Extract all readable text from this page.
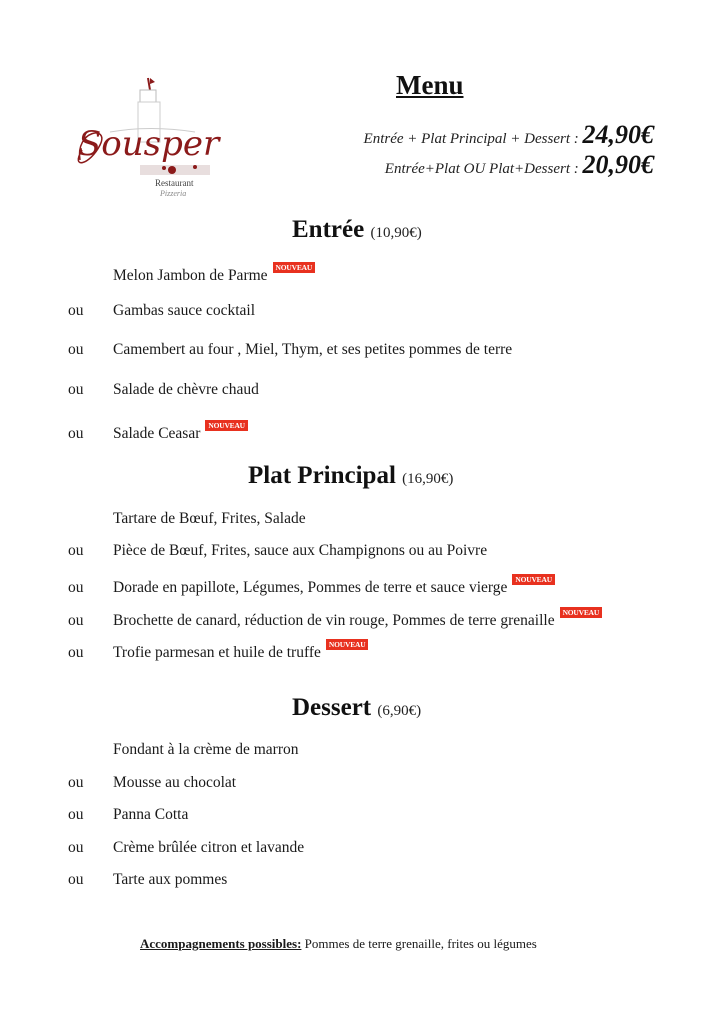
Sousper
Restaurant
Pizzeria
Menu
Entrée + Plat Principal + Dessert : 24,90€
Entrée+Plat OU Plat+Dessert : 20,90€
Entrée (10,90€)
Melon Jambon de Parme NOUVEAU
ou Gambas sauce cocktail
ou Camembert au four , Miel, Thym, et ses petites pommes de terre
ou Salade de chèvre chaud
ou Salade Ceasar NOUVEAU
Plat Principal (16,90€)
Tartare de Bœuf, Frites, Salade
ou Pièce de Bœuf, Frites, sauce aux Champignons ou au Poivre
ou Dorade en papillote, Légumes, Pommes de terre et sauce vierge NOUVEAU
ou Brochette de canard, réduction de vin rouge, Pommes de terre grenaille NOUVEAU
ou Trofie parmesan et huile de truffe NOUVEAU
Dessert (6,90€)
Fondant à la crème de marron
ou Mousse au chocolat
ou Panna Cotta
ou Crème brûlée citron et lavande
ou Tarte aux pommes
Accompagnements possibles: Pommes de terre grenaille, frites ou légumes
